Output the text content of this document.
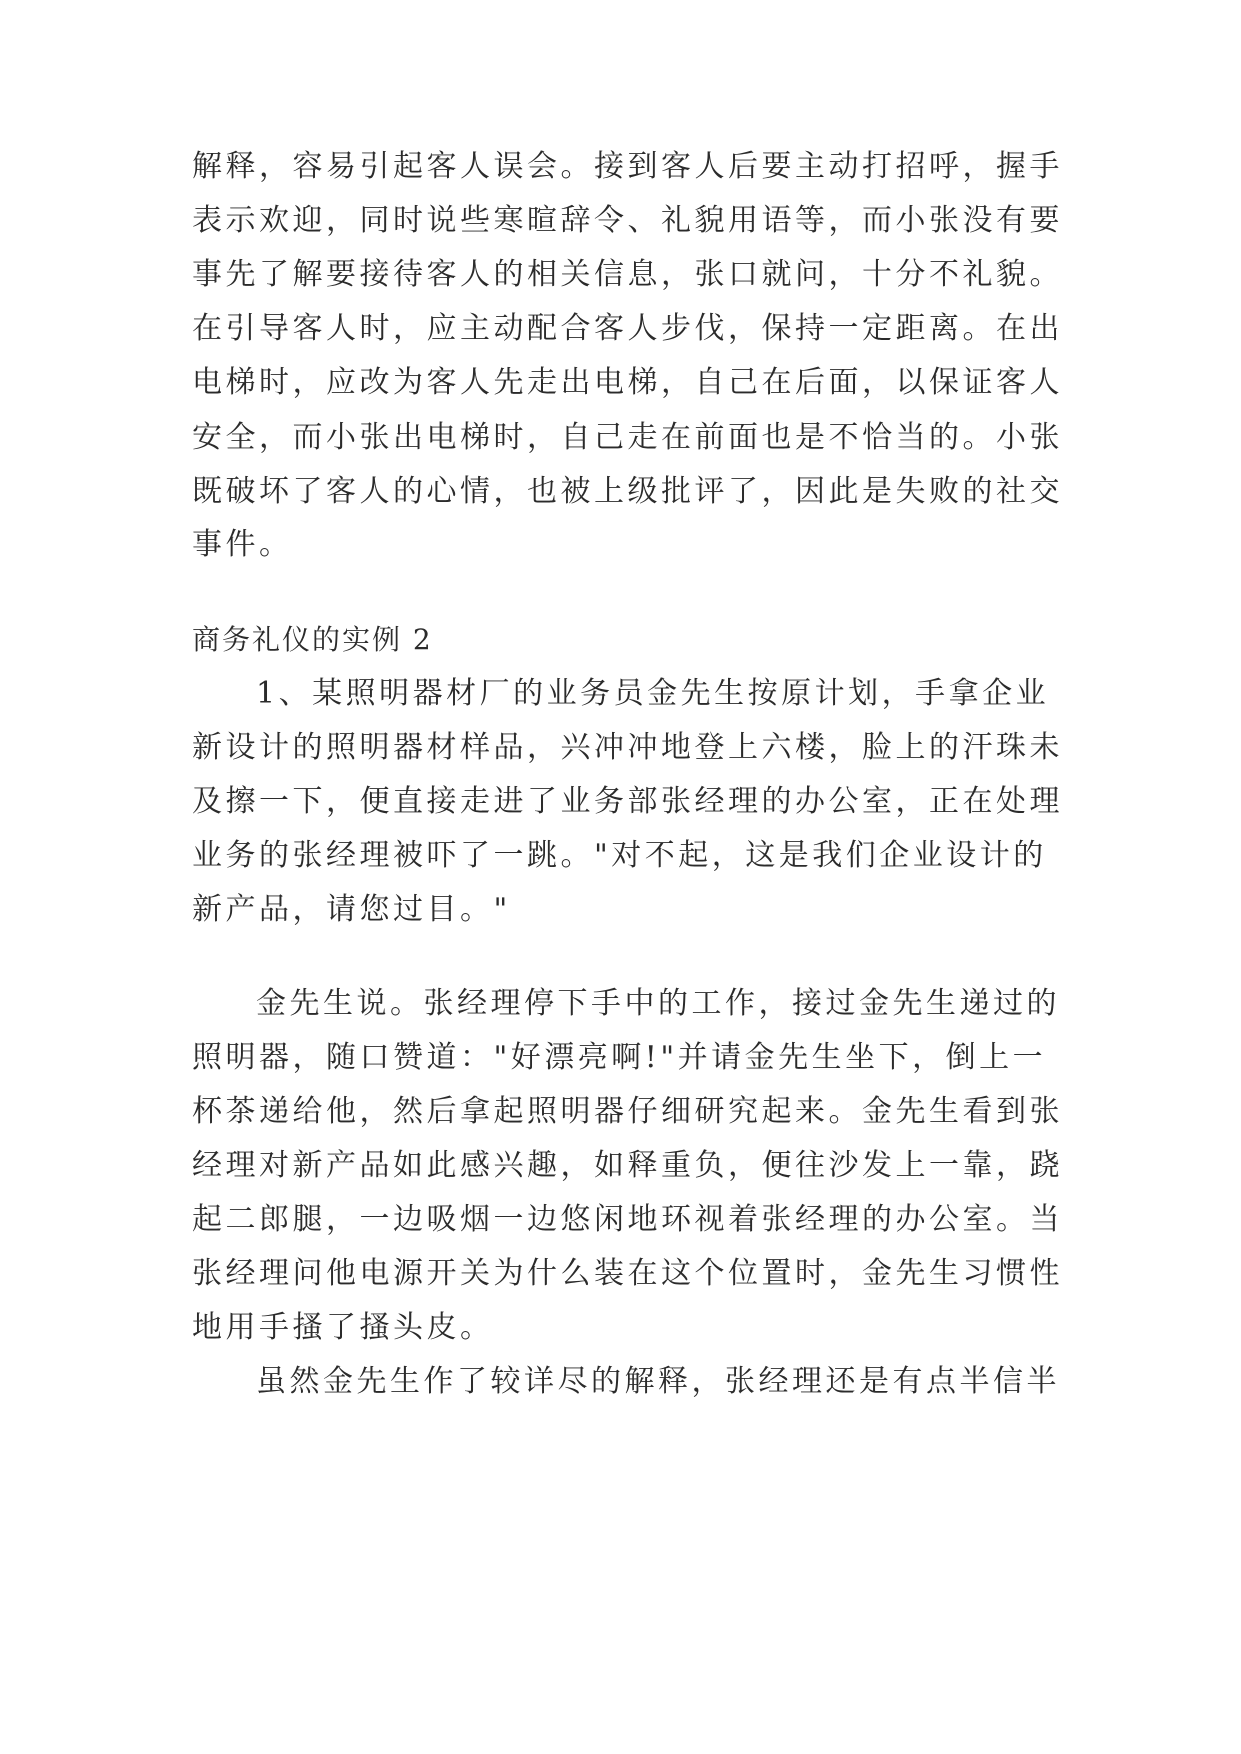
解释，容易引起客人误会。接到客人后要主动打招呼，握手
表示欢迎，同时说些寒暄辞令、礼貌用语等，而小张没有要
事先了解要接待客人的相关信息，张口就问，十分不礼貌。
在引导客人时，应主动配合客人步伐，保持一定距离。在出
电梯时，应改为客人先走出电梯，自己在后面，以保证客人
安全，而小张出电梯时，自己走在前面也是不恰当的。小张
既破坏了客人的心情，也被上级批评了，因此是失败的社交
事件。
商务礼仪的实例 2
1、某照明器材厂的业务员金先生按原计划，手拿企业
新设计的照明器材样品，兴冲冲地登上六楼，脸上的汗珠未
及擦一下，便直接走进了业务部张经理的办公室，正在处理
业务的张经理被吓了一跳。"对不起，这是我们企业设计的
新产品，请您过目。"
金先生说。张经理停下手中的工作，接过金先生递过的
照明器，随口赞道："好漂亮啊!"并请金先生坐下，倒上一
杯茶递给他，然后拿起照明器仔细研究起来。金先生看到张
经理对新产品如此感兴趣，如释重负，便往沙发上一靠，跷
起二郎腿，一边吸烟一边悠闲地环视着张经理的办公室。当
张经理问他电源开关为什么装在这个位置时，金先生习惯性
地用手搔了搔头皮。
虽然金先生作了较详尽的解释，张经理还是有点半信半
